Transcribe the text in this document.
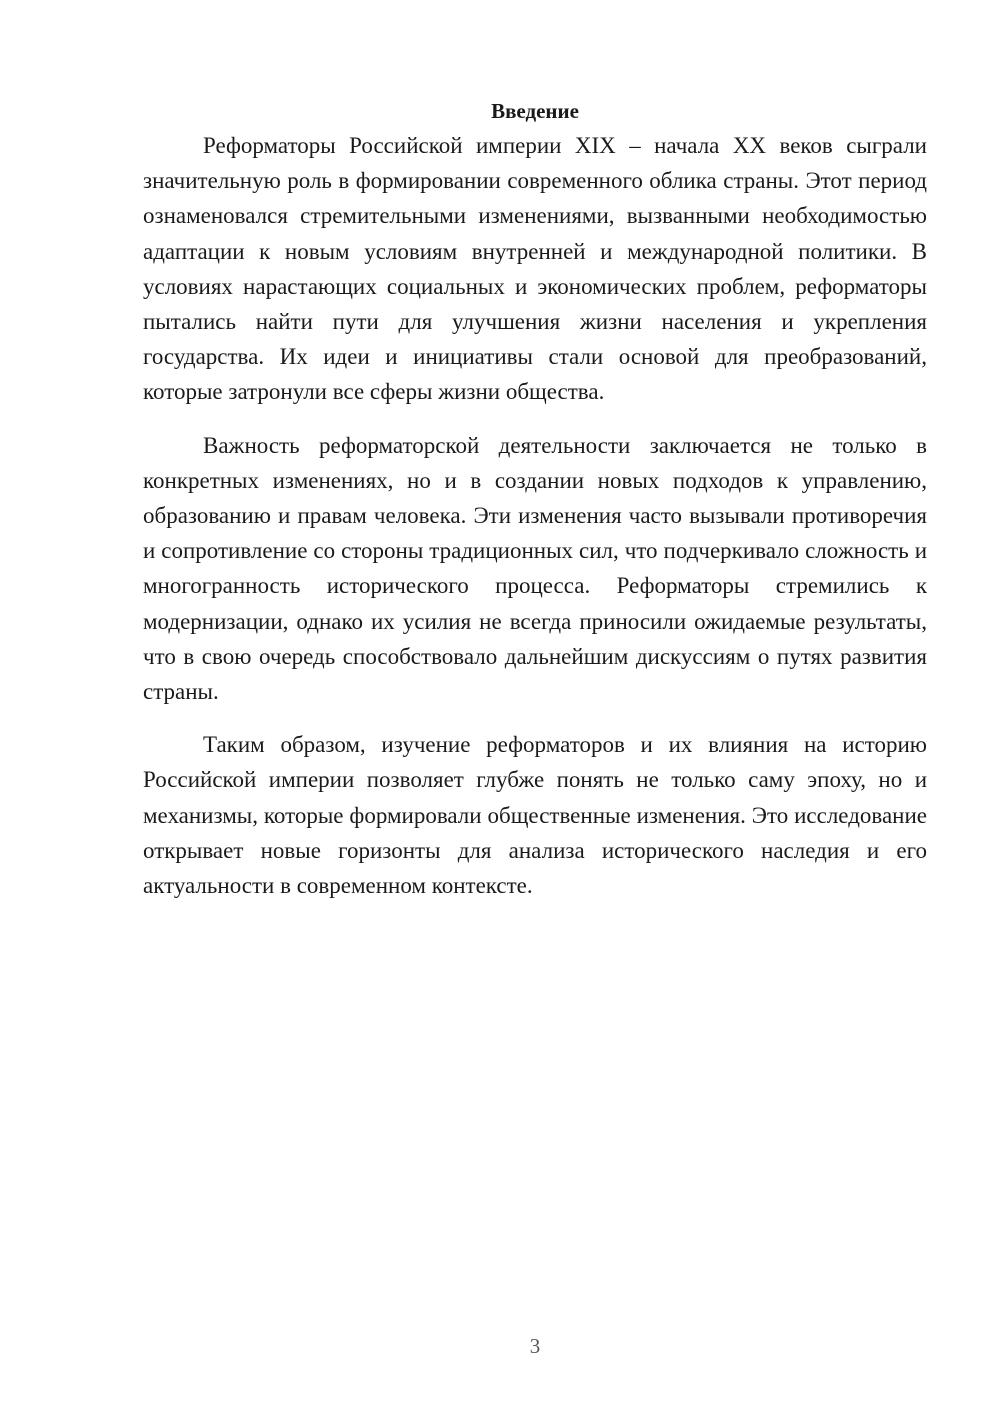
Введение

Реформаторы Российской империи XIX – начала XX веков сыграли значительную роль в формировании современного облика страны. Этот период ознаменовался стремительными изменениями, вызванными необходимостью адаптации к новым условиям внутренней и международной политики. В условиях нарастающих социальных и экономических проблем, реформаторы пытались найти пути для улучшения жизни населения и укрепления государства. Их идеи и инициативы стали основой для преобразований, которые затронули все сферы жизни общества.

Важность реформаторской деятельности заключается не только в конкретных изменениях, но и в создании новых подходов к управлению, образованию и правам человека. Эти изменения часто вызывали противоречия и сопротивление со стороны традиционных сил, что подчеркивало сложность и многогранность исторического процесса. Реформаторы стремились к модернизации, однако их усилия не всегда приносили ожидаемые результаты, что в свою очередь способствовало дальнейшим дискуссиям о путях развития страны.

Таким образом, изучение реформаторов и их влияния на историю Российской империи позволяет глубже понять не только саму эпоху, но и механизмы, которые формировали общественные изменения. Это исследование открывает новые горизонты для анализа исторического наследия и его актуальности в современном контексте.

3
